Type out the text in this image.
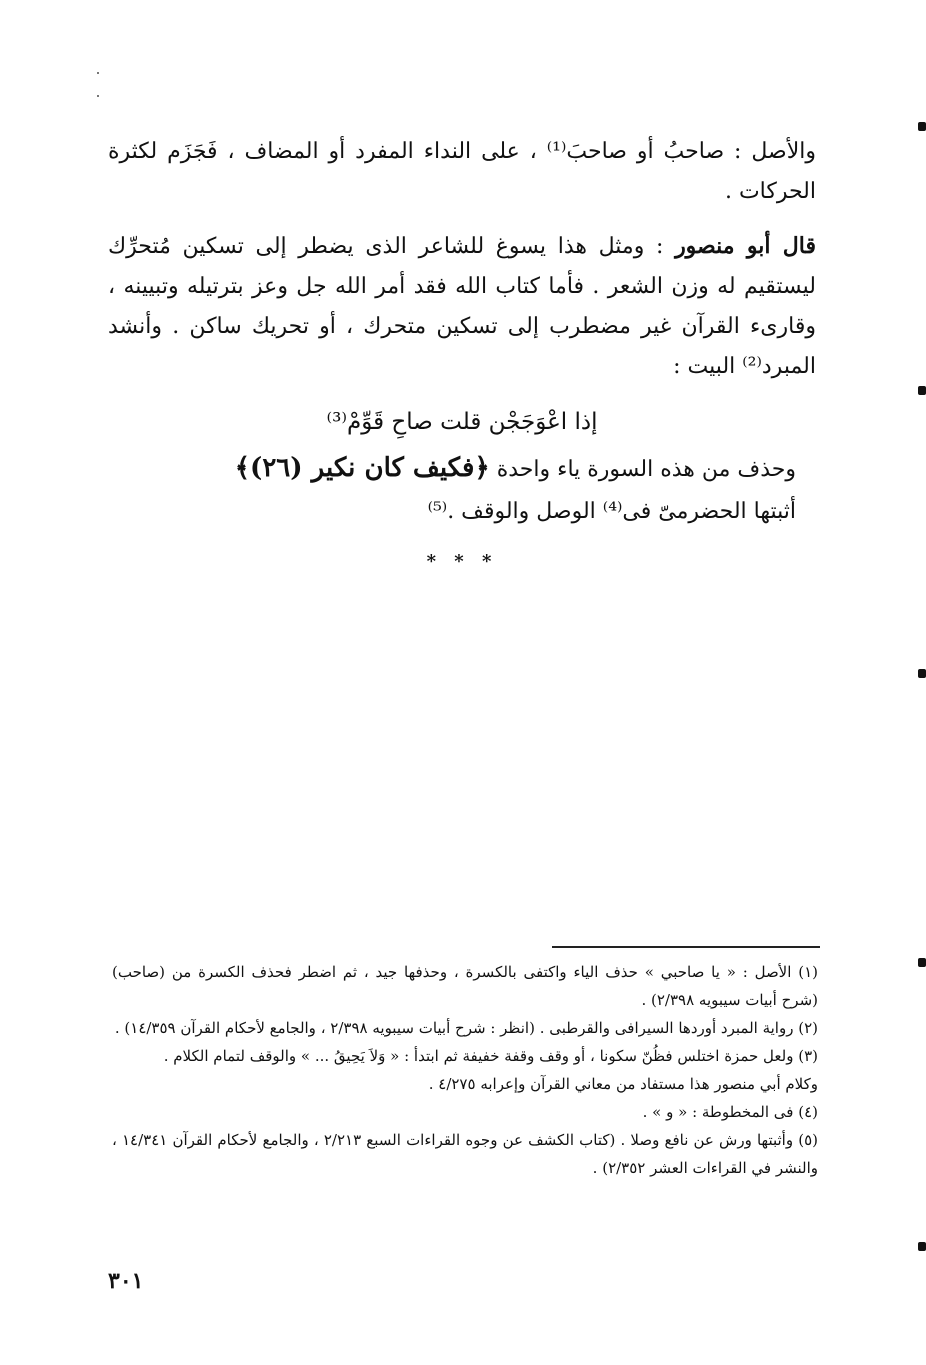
والأصل : صاحبُ أو صاحبَ⁽¹⁾ ، على النداء المفرد أو المضاف ، فَجَزَم لكثرة الحركات .

قال أبو منصور : ومثل هذا يسوغ للشاعر الذى يضطر إلى تسكين مُتحرِّك ليستقيم له وزن الشعر . فأما كتاب الله فقد أمر الله جل وعز بترتيله وتبيينه ، وقارىء القرآن غير مضطرب إلى تسكين متحرك ، أو تحريك ساكن . وأنشد المبرد⁽²⁾ البيت :

إذا اعْوَجَجْن قلت صاحِ قَوِّمْ⁽³⁾

وحذف من هذه السورة ياء واحدة ﴿فكيف كان نكير (٢٦)﴾

أثبتها الحضرمىّ فى⁽⁴⁾ الوصل والوقف .⁽⁵⁾

* * *

(١) الأصل : « يا صاحبي » حذف الياء واكتفى بالكسرة ، وحذفها جيد ، ثم اضطر فحذف الكسرة من (صاحب) (شرح أبيات سيبويه ٢/٣٩٨) .

(٢) رواية المبرد أوردها السيرافى والقرطبى . (انظر : شرح أبيات سيبويه ٢/٣٩٨ ، والجامع لأحكام القرآن ١٤/٣٥٩) .

(٣) ولعل حمزة اختلس فظُنّ سكونا ، أو وقف وقفة خفيفة ثم ابتدأ : « وَلاَ يَحِيقُ ... » والوقف لتمام الكلام .

وكلام أبي منصور هذا مستفاد من معاني القرآن وإعرابه ٤/٢٧٥ .

(٤) فى المخطوطة : « و » .

(٥) وأثبتها ورش عن نافع وصلا . (كتاب الكشف عن وجوه القراءات السبع ٢/٢١٣ ، والجامع لأحكام القرآن ١٤/٣٤١ ، والنشر في القراءات العشر ٢/٣٥٢) .

٣٠١
